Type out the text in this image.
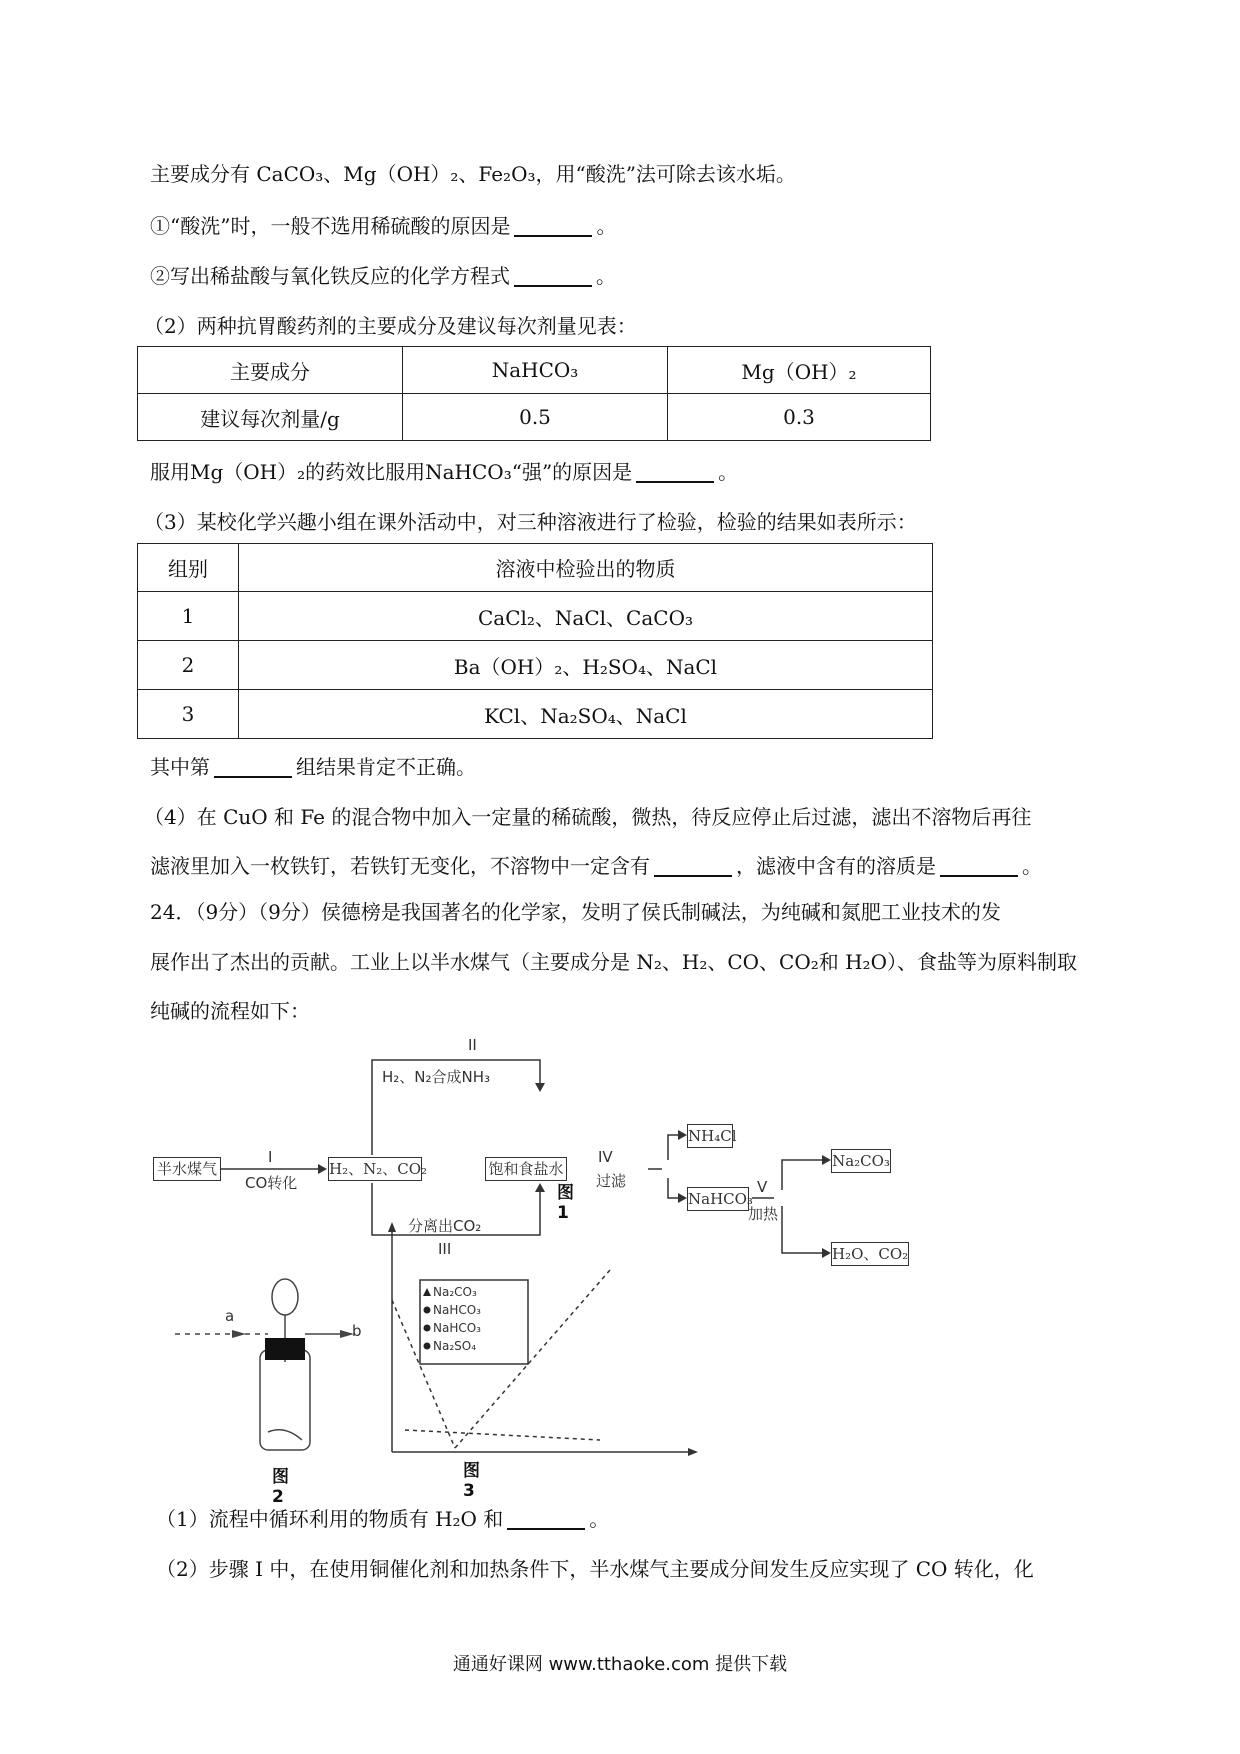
主要成分有 CaCO₃、Mg（OH）₂、Fe₂O₃，用“酸洗”法可除去该水垢。
①“酸洗”时，一般不选用稀硫酸的原因是	。
②写出稀盐酸与氧化铁反应的化学方程式	。
（2）两种抗胃酸药剂的主要成分及建议每次剂量见表：
主要成分	NaHCO₃	Mg（OH）₂
建议每次剂量/g	0.5	0.3
服用Mg（OH）₂的药效比服用NaHCO₃“强”的原因是	。
（3）某校化学兴趣小组在课外活动中，对三种溶液进行了检验，检验的结果如表所示：
组别	溶液中检验出的物质
1	CaCl₂、NaCl、CaCO₃
2	Ba（OH）₂、H₂SO₄、NaCl
3	KCl、Na₂SO₄、NaCl
其中第	组结果肯定不正确。
（4）在 CuO 和 Fe 的混合物中加入一定量的稀硫酸，微热，待反应停止后过滤，滤出不溶物后再往
滤液里加入一枚铁钉，若铁钉无变化，不溶物中一定含有	，滤液中含有的溶质是	。
24．（9分）（9分）侯德榜是我国著名的化学家，发明了侯氏制碱法，为纯碱和氮肥工业技术的发
展作出了杰出的贡献。工业上以半水煤气（主要成分是 N₂、H₂、CO、CO₂和 H₂O）、食盐等为原料制取
纯碱的流程如下：
半水煤气
I
CO转化
H₂、N₂、CO₂
II
H₂、N₂合成NH₃
饱和食盐水
分离出CO₂
III
IV
过滤
NH₄Cl
NaHCO₃
V
加热
Na₂CO₃
H₂O、CO₂
图1
a
b
图2
Na₂CO₃
NaHCO₃
NaHCO₃
Na₂SO₄
图3
（1）流程中循环利用的物质有 H₂O 和	。
（2）步骤 I 中，在使用铜催化剂和加热条件下，半水煤气主要成分间发生反应实现了 CO 转化，化
通通好课网 www.tthaoke.com 提供下载
